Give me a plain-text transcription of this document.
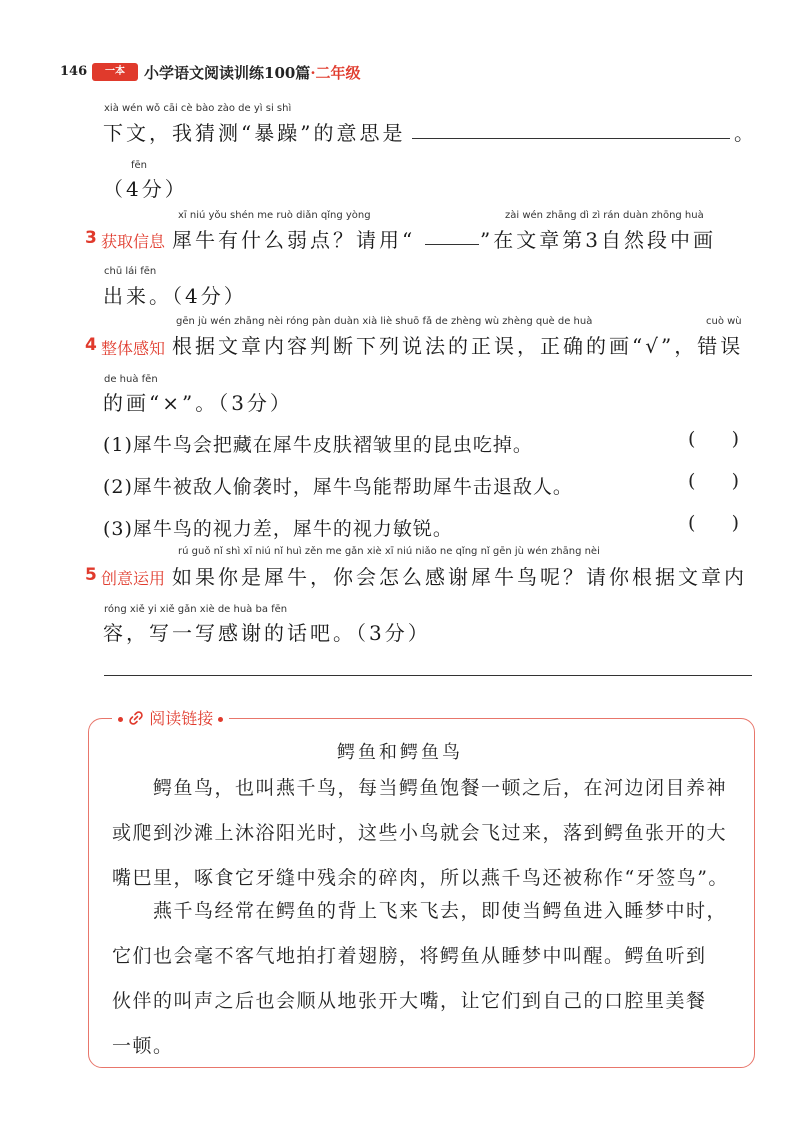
146	一本	小学语文阅读训练100篇·二年级
xià wén wǒ cāi cè bào zào de yì si shì
下文，我猜测“暴躁”的意思是	。
fēn
（4分）
xī niú yǒu shén me ruò diǎn qǐng yòng	zài wén zhāng dì zì rán duàn zhōng huà
3 获取信息 犀牛有什么弱点？请用“	”在文章第3自然段中画
chū lái fēn
出来。（4分）
gēn jù wén zhāng nèi róng pàn duàn xià liè shuō fǎ de zhèng wù zhèng què de huà	cuò wù
4 整体感知 根据文章内容判断下列说法的正误，正确的画“√”，错误
de huà fēn
的画“×”。（3分）
(1)犀牛鸟会把藏在犀牛皮肤褶皱里的昆虫吃掉。	(      )
(2)犀牛被敌人偷袭时，犀牛鸟能帮助犀牛击退敌人。	(      )
(3)犀牛鸟的视力差，犀牛的视力敏锐。	(      )
rú guǒ nǐ shì xī niú nǐ huì zěn me gǎn xiè xī niú niǎo ne qǐng nǐ gēn jù wén zhāng nèi
5 创意运用 如果你是犀牛，你会怎么感谢犀牛鸟呢？请你根据文章内
róng xiě yi xiě gǎn xiè de huà ba fēn
容，写一写感谢的话吧。（3分）
阅读链接
鳄鱼和鳄鱼鸟
　　鳄鱼鸟，也叫燕千鸟，每当鳄鱼饱餐一顿之后，在河边闭目养神
或爬到沙滩上沐浴阳光时，这些小鸟就会飞过来，落到鳄鱼张开的大
嘴巴里，啄食它牙缝中残余的碎肉，所以燕千鸟还被称作“牙签鸟”。
　　燕千鸟经常在鳄鱼的背上飞来飞去，即使当鳄鱼进入睡梦中时，
它们也会毫不客气地拍打着翅膀，将鳄鱼从睡梦中叫醒。鳄鱼听到
伙伴的叫声之后也会顺从地张开大嘴，让它们到自己的口腔里美餐
一顿。
